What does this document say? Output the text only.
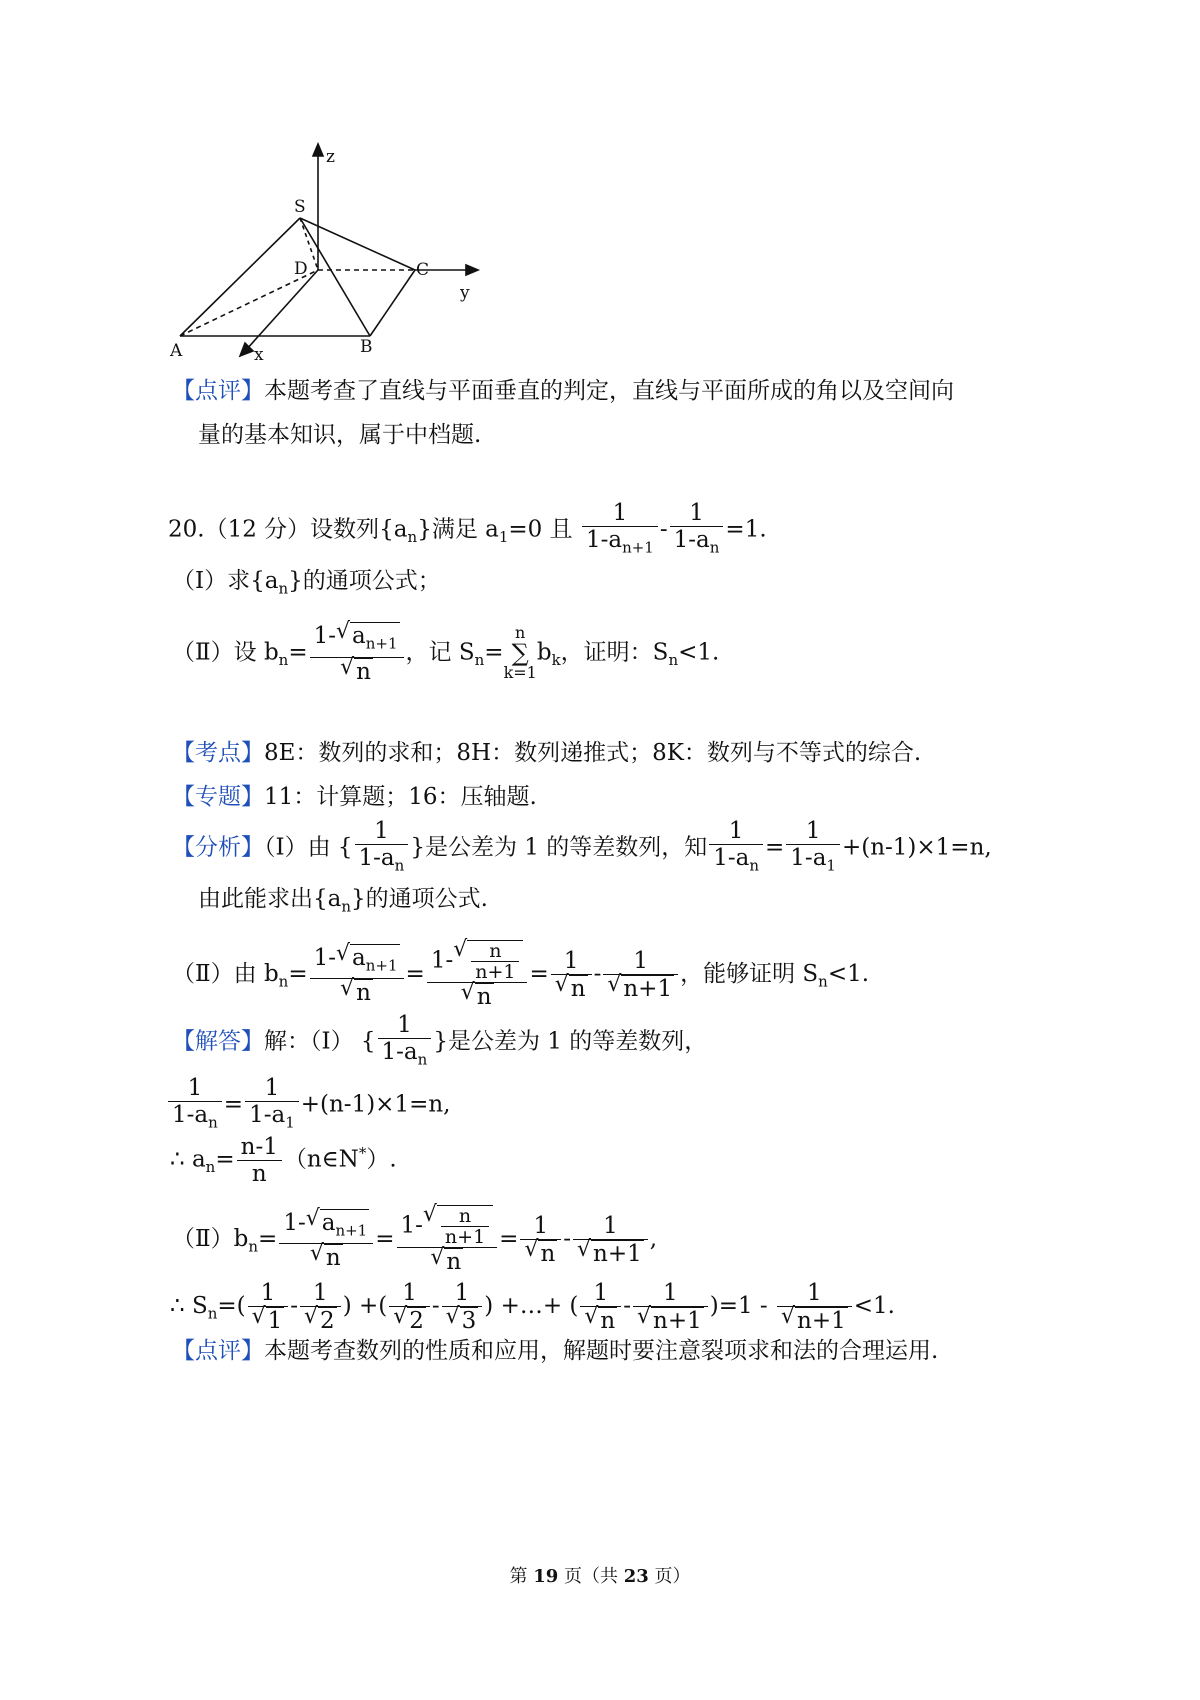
z
S
D	C
y
A	x	B
【点评】本题考查了直线与平面垂直的判定，直线与平面所成的角以及空间向
量的基本知识，属于中档题.
20.（12 分）设数列$\{a_n\}$满足 $a_1=0$ 且 $\frac{1}{1-a_{n+1}} - \frac{1}{1-a_n} =1$.
（Ⅰ）求$\{a_n\}$的通项公式；
（Ⅱ）设 $b_n= 1-√$ $a_{n+1}$
√ n ，记 $S_n=$
n
∑
k=1
$b_k$，证明：$S_n<1$.
【考点】8E：数列的求和；8H：数列递推式；8K：数列与不等式的综合.
【专题】11：计算题；16：压轴题.
【分析】（Ⅰ）由 { $\frac{1}{1-a_n}$ }是公差为 1 的等差数列，知 $\frac{1}{1-a_n} = \frac{1}{1-a_1} +(n-1)\times 1=n$,
由此能求出$\{a_n\}$的通项公式.
（Ⅱ）由 $b_n= 1-√$ $a_{n+1}$
√ n = 1-
√ $\frac{n}{n+1}$
√ n = 1
√ n - 1
√ n+1 ，能够证明 $S_n<1$.
【解答】解：（Ⅰ） { $\frac{1}{1-a_n}$ }是公差为 1 的等差数列，
$\frac{1}{1-a_n} = \frac{1}{1-a_1} +(n-1)\times 1=n$,
∴ $a_n= \frac{n-1}{n}$ （n∈N*）.
$(Ⅱ)b_n= 1-√$ $a_{n+1}$
√ n = 1-
√ $\frac{n}{n+1}$
√ n = 1
√ n - 1
√ n+1 ,
∴ $S_n=$( 1
√ 1 - 1
√ 2 ) +( 1
√ 2 - 1
√ 3 ) +…+ ( 1
√ n - 1
√ n+1 )=1 - 1
√ n+1 <1.
【点评】本题考查数列的性质和应用，解题时要注意裂项求和法的合理运用.
第 19 页（共 23 页）
